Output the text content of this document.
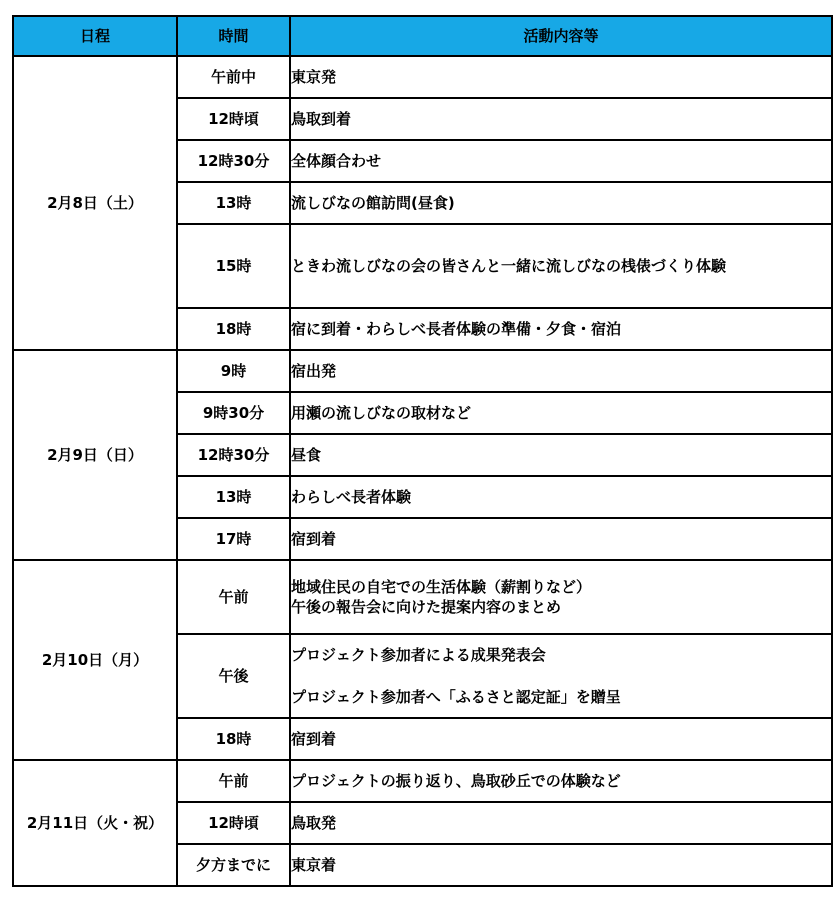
日程	時間	活動内容等
2月8日（土）	午前中	東京発

	12時頃	鳥取到着

	12時30分	全体顔合わせ

	13時	流しびなの館訪問(昼食)

	15時	ときわ流しびなの会の皆さんと一緒に流しびなの桟俵づくり体験

	18時	宿に到着・わらしべ長者体験の準備・夕食・宿泊

2月9日（日）	9時	宿出発

	9時30分	用瀬の流しびなの取材など

	12時30分	昼食

	13時	わらしべ長者体験

	17時	宿到着

2月10日（月）	午前	地域住民の自宅での生活体験（薪割りなど）
午後の報告会に向けた提案内容のまとめ

	午後	プロジェクト参加者による成果発表会
プロジェクト参加者へ「ふるさと認定証」を贈呈

	18時	宿到着

2月11日（火・祝）	午前	プロジェクトの振り返り、鳥取砂丘での体験など

	12時頃	鳥取発

	夕方までに	東京着
